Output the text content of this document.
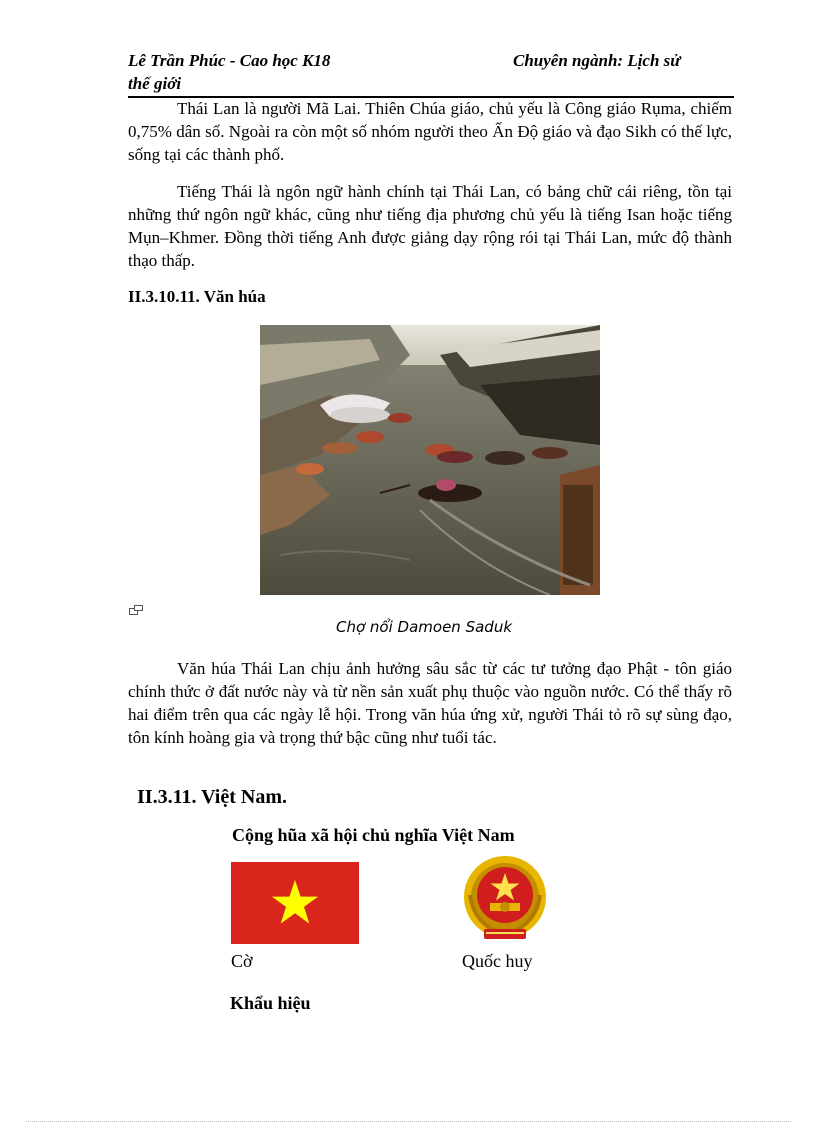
Lê Trần Phúc - Cao học K18	Chuyên ngành: Lịch sử
thế giới

Thái Lan là người Mã Lai. Thiên Chúa giáo, chủ yếu là Công giáo Rụma, chiếm 0,75% dân số. Ngoài ra còn một số nhóm người theo Ấn Độ giáo và đạo Sikh có thế lực, sống tại các thành phố.

Tiếng Thái là ngôn ngữ hành chính tại Thái Lan, có bảng chữ cái riêng, tồn tại những thứ ngôn ngữ khác, cũng như tiếng địa phương chủ yếu là tiếng Isan hoặc tiếng Mụn–Khmer. Đồng thời tiếng Anh được giảng dạy rộng rói tại Thái Lan, mức độ thành thạo thấp.

II.3.10.11. Văn húa

Chợ nổi Damoen Saduk

Văn húa Thái Lan chịu ảnh hưởng sâu sắc từ các tư tưởng đạo Phật - tôn giáo chính thức ở đất nước này và từ nền sản xuất phụ thuộc vào nguồn nước. Có thể thấy rõ hai điểm trên qua các ngày lễ hội. Trong văn húa ứng xử, người Thái tỏ rõ sự sùng đạo, tôn kính hoàng gia và trọng thứ bậc cũng như tuổi tác.

II.3.11. Việt Nam.

Cộng hũa xã hội chủ nghĩa Việt Nam

Cờ	Quốc huy

Khẩu hiệu
